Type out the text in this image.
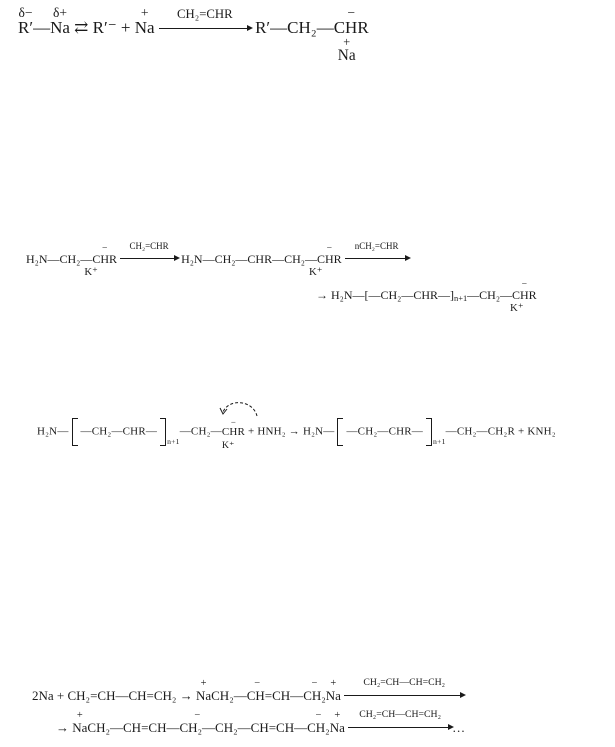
δ−
R′—
δ+
Na ⇄ R′⁻ +
+
Na
CH₂=CHR
R′—CH₂—
−
CHR
+
Na
H₂N—CH₂—
−
CHR
K⁺

CH₂=CHR
H₂N—CH₂—CHR—CH₂—
−
CHR
K⁺

nCH₂=CHR
→ $H_2N—[—CH_2—CHR—]_{n+1}—CH_2—$
−
CHR
K⁺
H₂N— $—CH_2—CHR—_{n+1}—CH_2—$
−
CHR
K⁺
+ HNH₂ → H₂N— $—CH_2—CHR—_{n+1}—CH_2—CH_2R + KNH_2$
2Na + CH₂=CH—CH=CH₂ →
+
Na
−
CH₂—CH=CH—
−
CH₂
+
Na
CH₂=CH—CH=CH₂
→
+
Na
−
CH₂—CH=CH—CH₂—CH₂—CH=CH—
−
CH₂
+
Na
CH₂=CH—CH=CH₂
…
